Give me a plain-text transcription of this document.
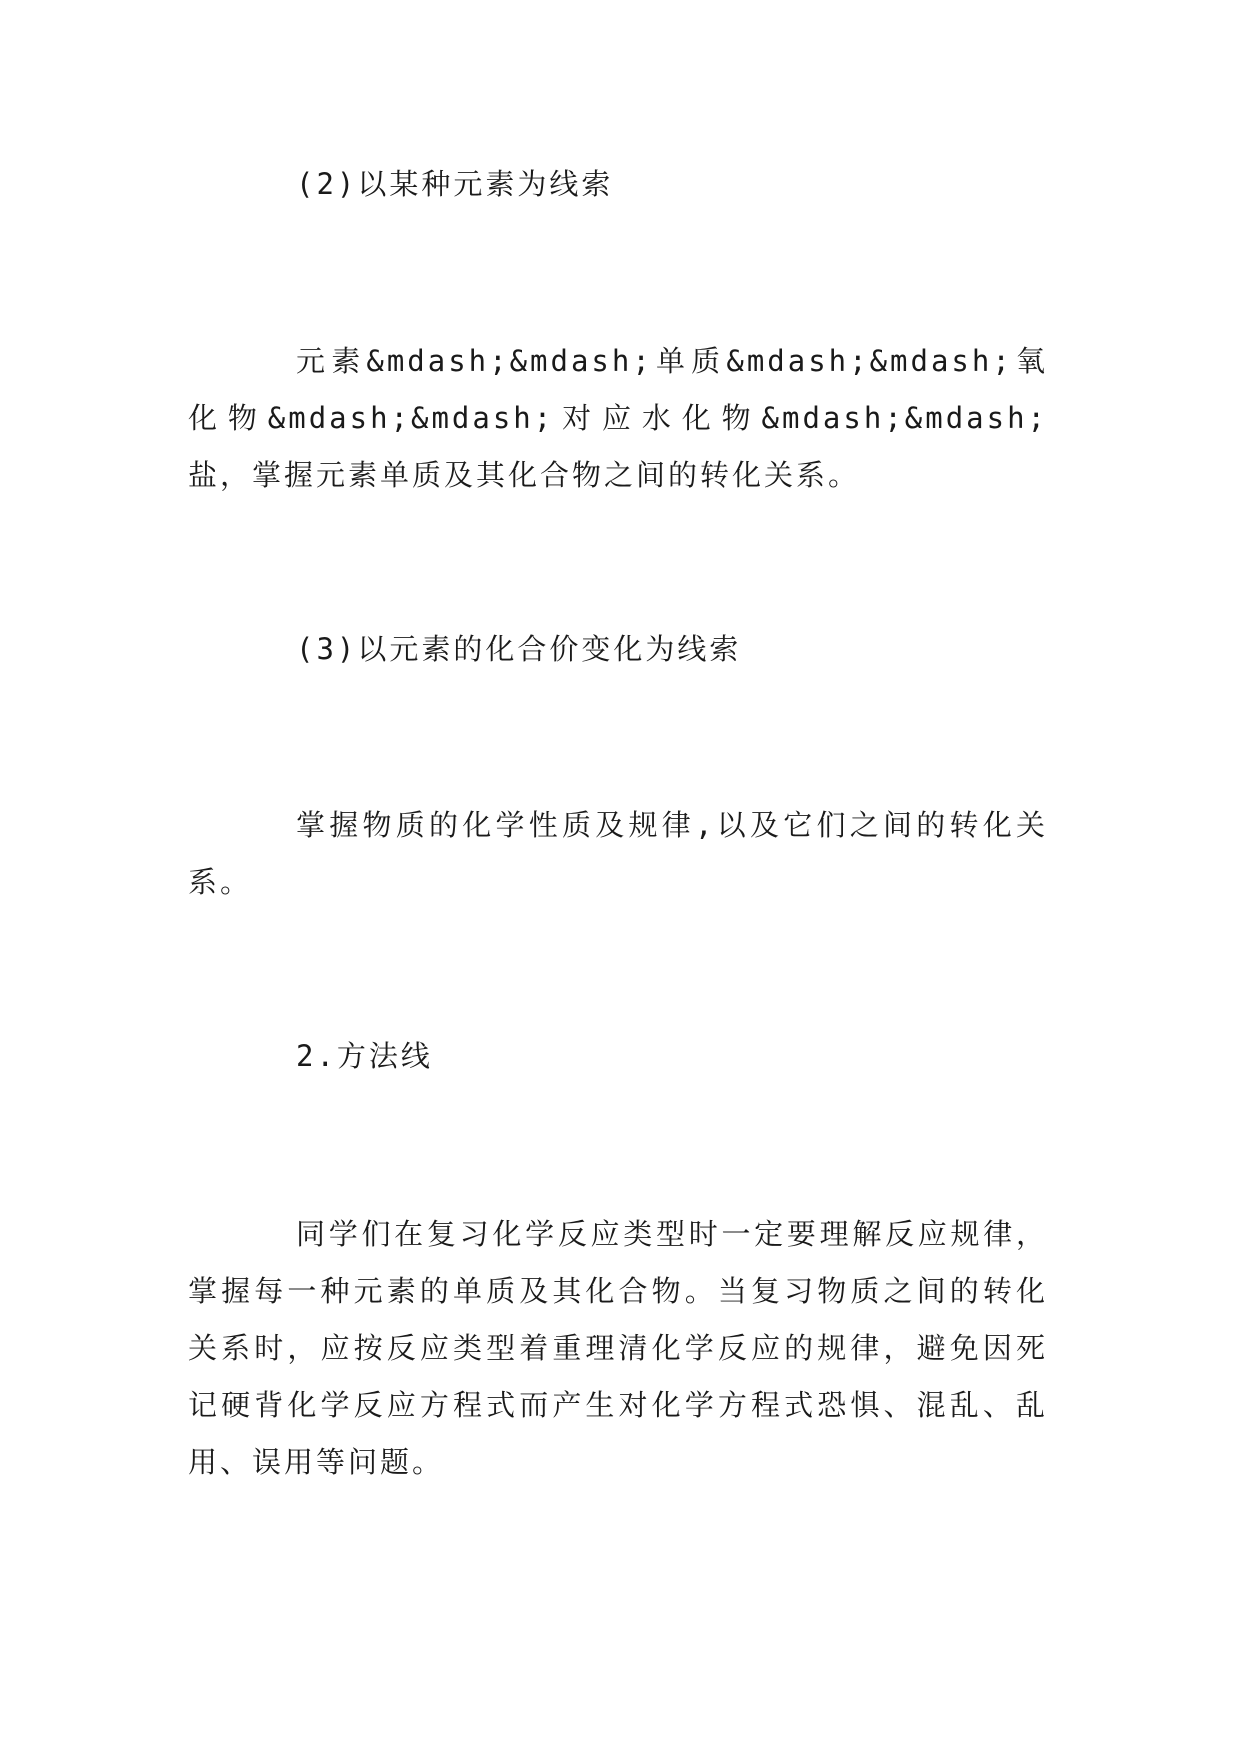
(2)以某种元素为线索

元素&mdash;&mdash;单质&mdash;&mdash;氧化物&mdash;&mdash;对应水化物&mdash;&mdash;盐，掌握元素单质及其化合物之间的转化关系。

(3)以元素的化合价变化为线索

掌握物质的化学性质及规律,以及它们之间的转化关系。

2.方法线

同学们在复习化学反应类型时一定要理解反应规律，掌握每一种元素的单质及其化合物。当复习物质之间的转化关系时，应按反应类型着重理清化学反应的规律，避免因死记硬背化学反应方程式而产生对化学方程式恐惧、混乱、乱用、误用等问题。
